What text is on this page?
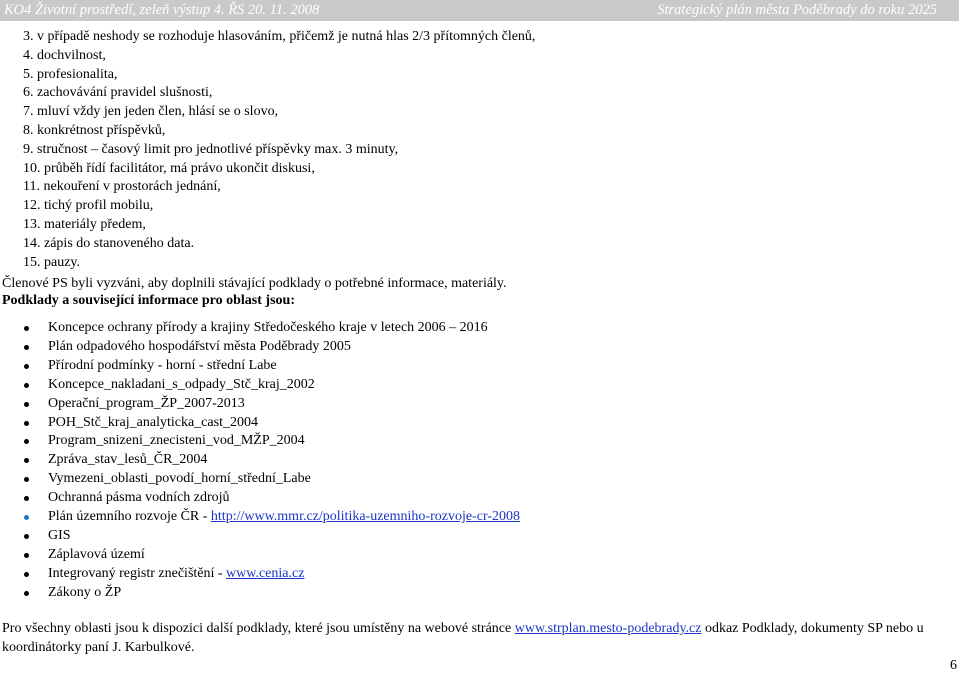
KO4 Životní prostředí, zeleň výstup 4. ŘS 20. 11. 2008	Strategický plán města Poděbrady do roku 2025
3. v případě neshody se rozhoduje hlasováním, přičemž je nutná hlas 2/3 přítomných členů,
4. dochvilnost,
5. profesionalita,
6. zachovávání pravidel slušnosti,
7. mluví vždy jen jeden člen, hlásí se o slovo,
8. konkrétnost příspěvků,
9. stručnost – časový limit pro jednotlivé příspěvky max. 3 minuty,
10. průběh řídí facilitátor, má právo ukončit diskusi,
11. nekouření v prostorách jednání,
12. tichý profil mobilu,
13. materiály předem,
14. zápis do stanoveného data.
15. pauzy.
Členové PS byli vyzváni, aby doplnili stávající podklady o potřebné informace, materiály.
Podklady a související informace pro oblast jsou:
Koncepce ochrany přírody a krajiny Středočeského kraje v letech 2006 – 2016
Plán odpadového hospodářství města Poděbrady 2005
Přírodní podmínky - horní - střední Labe
Koncepce_nakladani_s_odpady_Stč_kraj_2002
Operační_program_ŽP_2007-2013
POH_Stč_kraj_analyticka_cast_2004
Program_snizeni_znecisteni_vod_MŽP_2004
Zpráva_stav_lesů_ČR_2004
Vymezeni_oblasti_povodí_horní_střední_Labe
Ochranná pásma vodních zdrojů
Plán územního rozvoje ČR - http://www.mmr.cz/politika-uzemniho-rozvoje-cr-2008
GIS
Záplavová území
Integrovaný registr znečištění - www.cenia.cz
Zákony o ŽP
Pro všechny oblasti jsou k dispozici další podklady, které jsou umístěny na webové stránce www.strplan.mesto-podebrady.cz odkaz Podklady, dokumenty SP nebo u koordinátorky paní J. Karbulkové.
6
